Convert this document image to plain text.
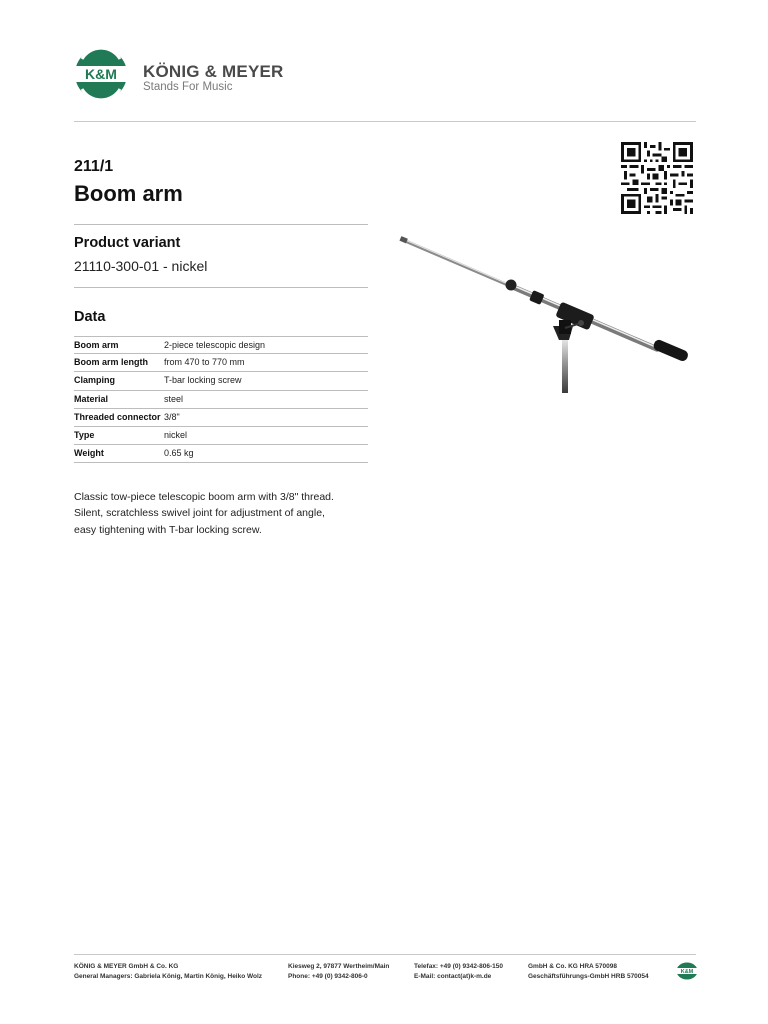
K&M KÖNIG & MEYER
Stands For Music
211/1
Boom arm
Product variant
21110-300-01 - nickel
Data
Boom arm	2-piece telescopic design
Boom arm length from 470 to 770 mm
Clamping	T-bar locking screw
Material	steel
Threaded connector 3/8"
Type	nickel
Weight	0.65 kg

Classic tow-piece telescopic boom arm with 3/8" thread.

Silent, scratchless swivel joint for adjustment of angle,

easy tightening with T-bar locking screw.

KÖNIG & MEYER GmbH & Co. KG
General Managers: Gabriela König, Martin König, Heiko Wolz
Kiesweg 2, 97877 Wertheim/Main
Phone: +49 (0) 9342-806-0
Telefax: +49 (0) 9342-806-150
E-Mail: contact(at)k-m.de
GmbH & Co. KG HRA 570098
Geschäftsführungs-GmbH HRB 570054
K&M
